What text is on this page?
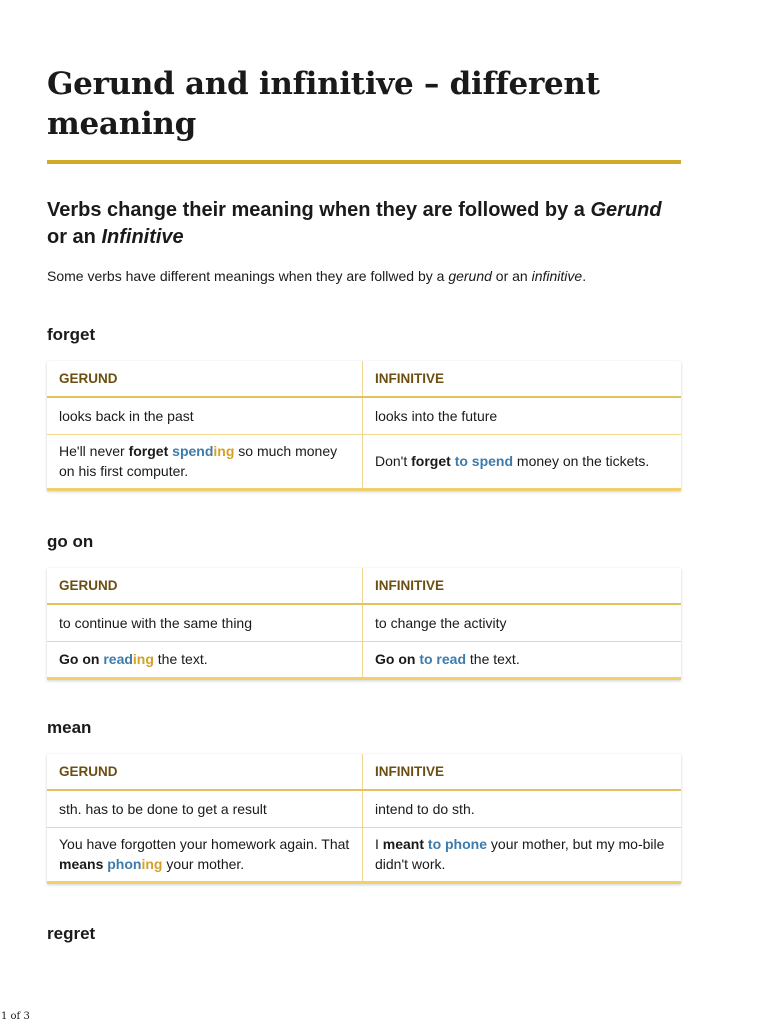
Gerund and infinitive – different meaning
Verbs change their meaning when they are followed by a Gerund or an Infinitive

Some verbs have different meanings when they are follwed by a gerund or an infinitive.

forget
GERUND	INFINITIVE
looks back in the past	looks into the future
He'll never forget spending so much money on his first computer.	Don't forget to spend money on the tickets.
go on
GERUND	INFINITIVE
to continue with the same thing	to change the activity
Go on reading the text.	Go on to read the text.
mean
GERUND	INFINITIVE
sth. has to be done to get a result	intend to do sth.
You have forgotten your homework again. That means phoning your mother.	I meant to phone your mother, but my mo-bile didn't work.
regret
1 of 3
